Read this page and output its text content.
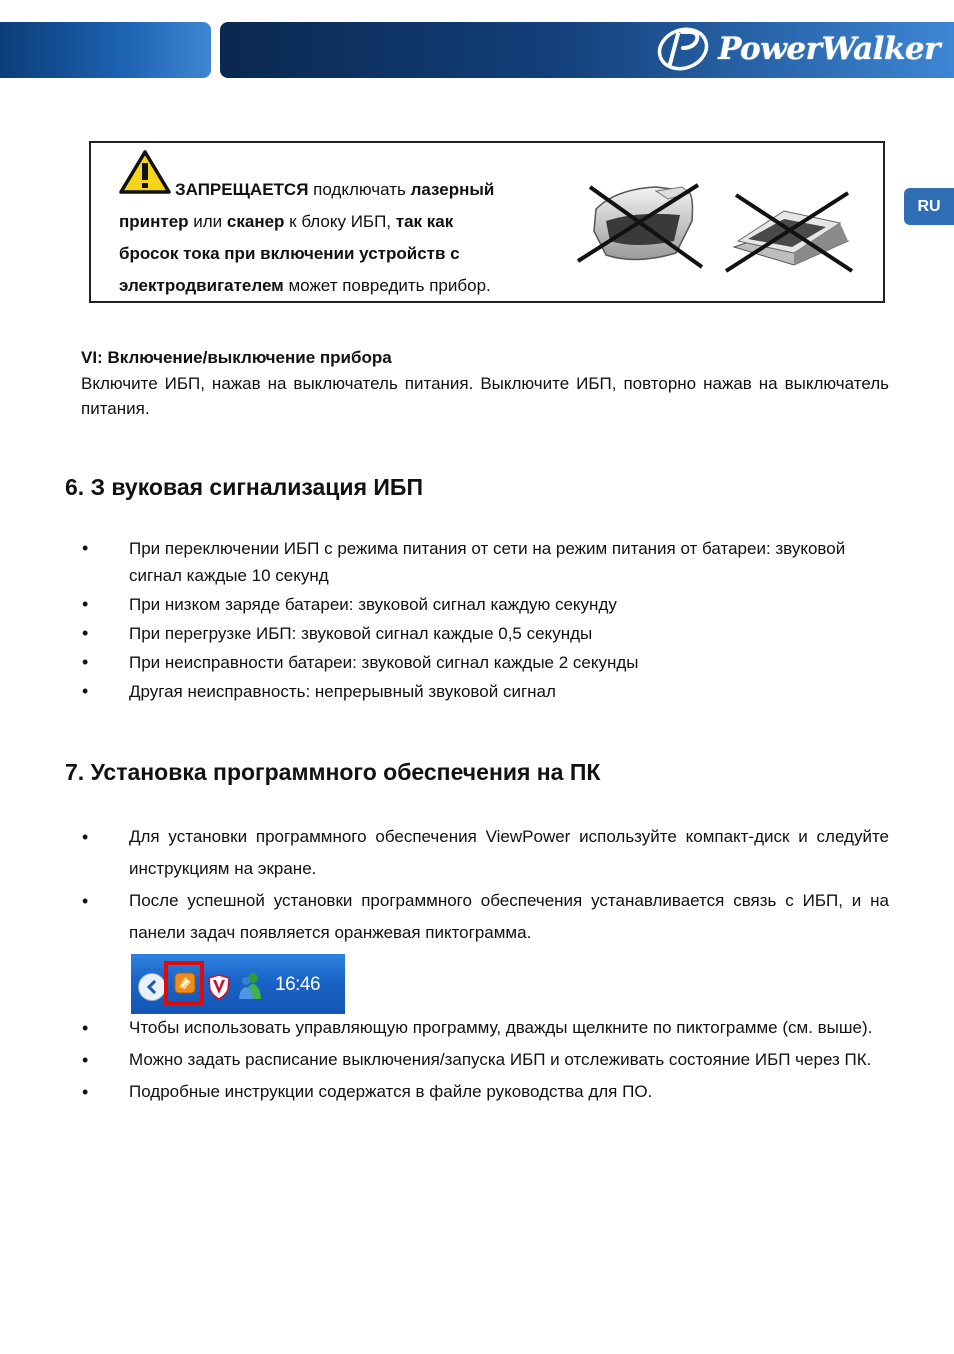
PowerWalker
RU
ЗАПРЕЩАЕТСЯ подключать лазерный
принтер или сканер к блоку ИБП, так как
бросок тока при включении устройств с
электродвигателем может повредить прибор.
VI: Включение/выключение прибора
Включите ИБП, нажав на выключатель питания. Выключите ИБП, повторно нажав на выключатель питания.
6. З вуковая сигнализация ИБП
• При переключении ИБП с режима питания от сети на режим питания от батареи: звуковой сигнал каждые 10 секунд
• При низком заряде батареи: звуковой сигнал каждую секунду
• При перегрузке ИБП: звуковой сигнал каждые 0,5 секунды
• При неисправности батареи: звуковой сигнал каждые 2 секунды
• Другая неисправность: непрерывный звуковой сигнал
7. Установка программного обеспечения на ПК
• Для установки программного обеспечения ViewPower используйте компакт-диск и следуйте инструкциям на экране.
• После успешной установки программного обеспечения устанавливается связь с ИБП, и на панели задач появляется оранжевая пиктограмма.
16:46
• Чтобы использовать управляющую программу, дважды щелкните по пиктограмме (см. выше).
• Можно задать расписание выключения/запуска ИБП и отслеживать состояние ИБП через ПК.
• Подробные инструкции содержатся в файле руководства для ПО.
